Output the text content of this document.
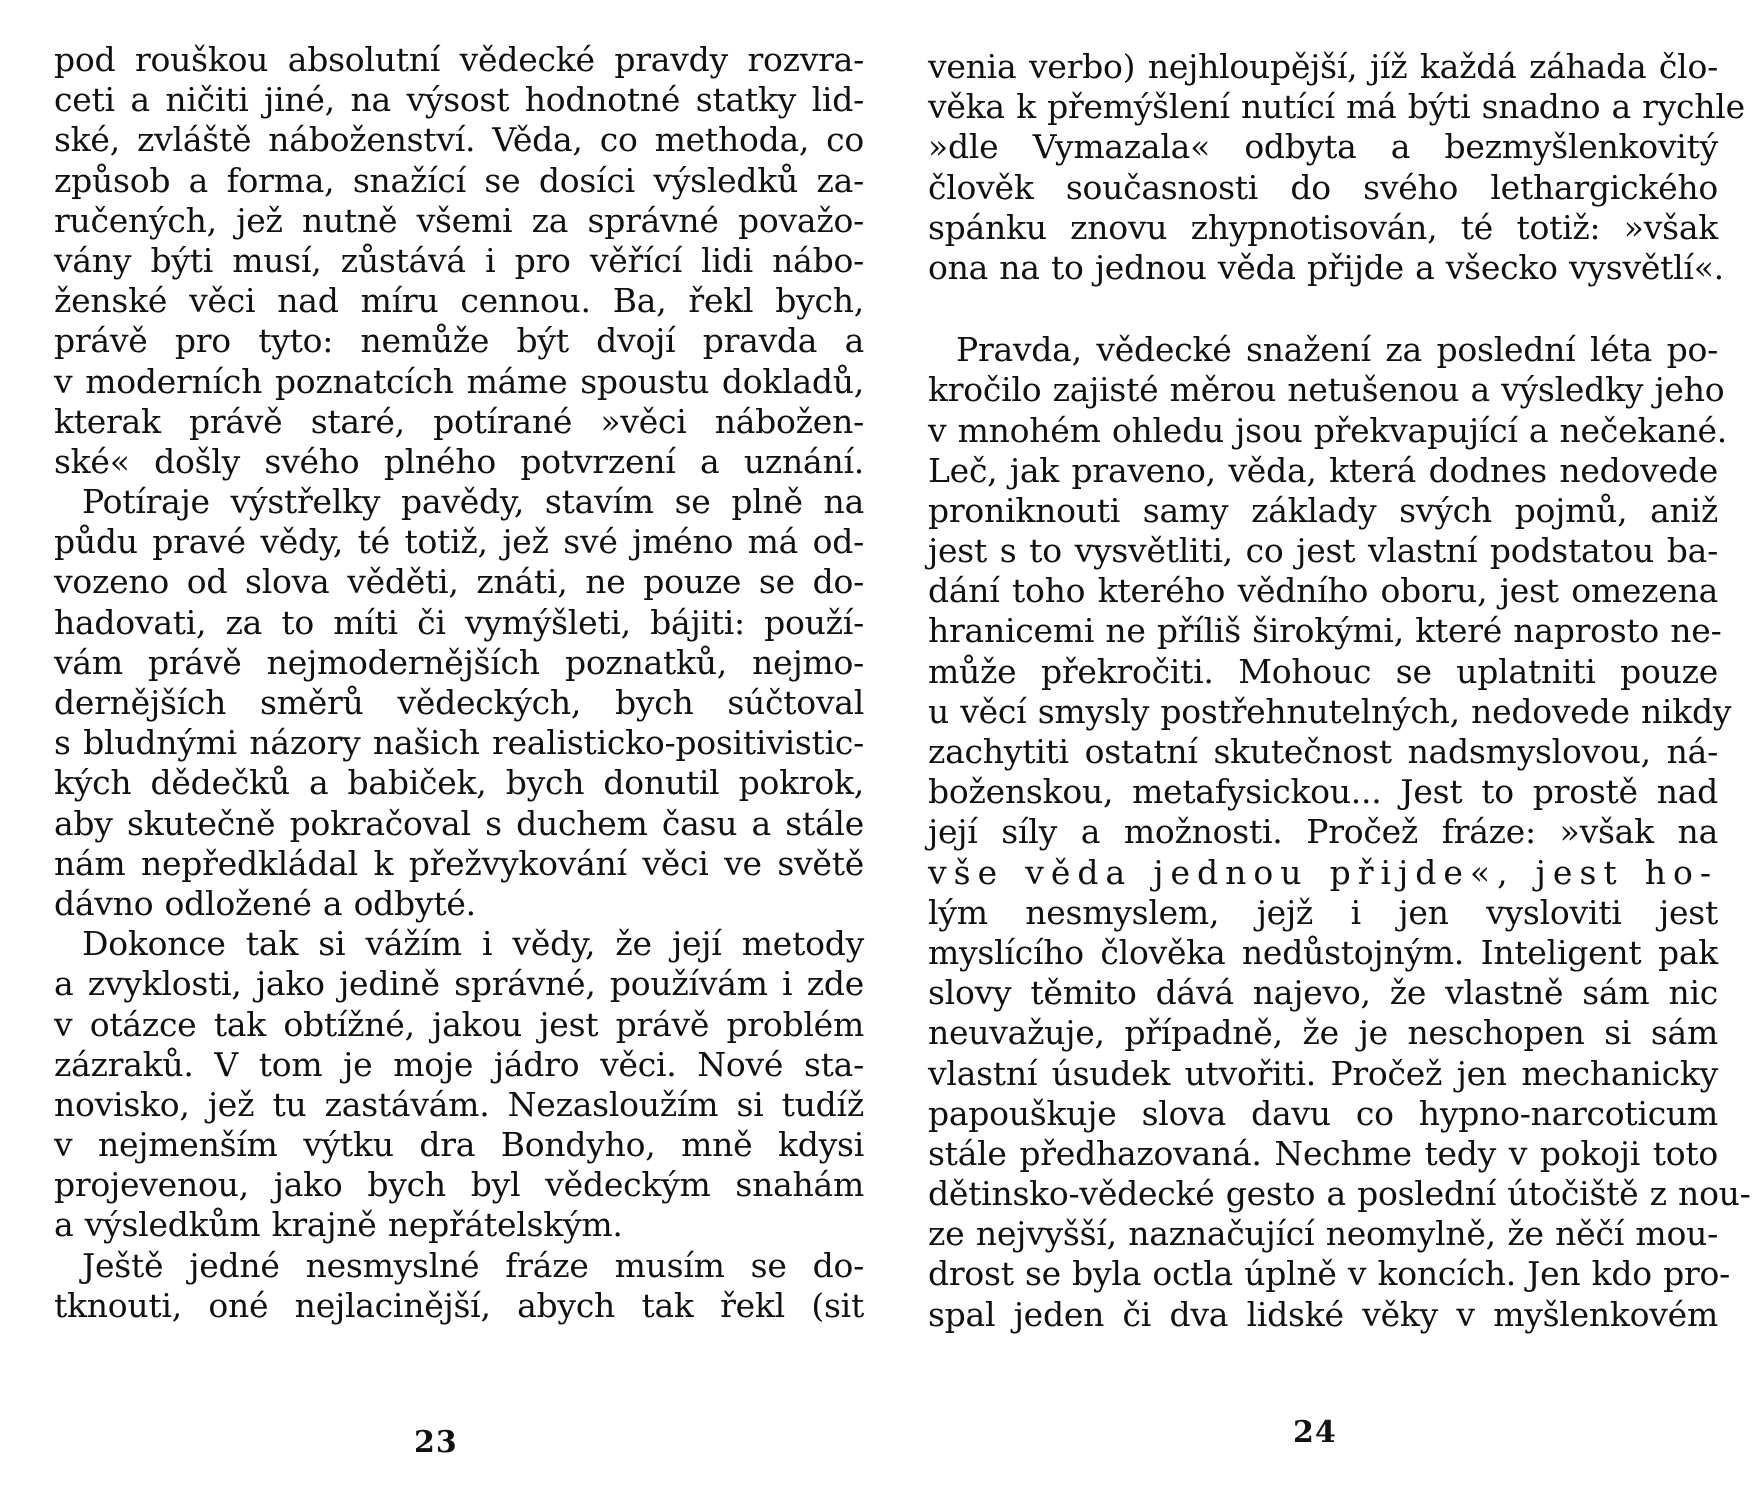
pod rouškou absolutní vědecké pravdy rozvra-
ceti a ničiti jiné, na výsost hodnotné statky lid-
ské, zvláště náboženství. Věda, co methoda, co
způsob a forma, snažící se dosíci výsledků za-
ručených, jež nutně všemi za správné považo-
vány býti musí, zůstává i pro věřící lidi nábo-
ženské věci nad míru cennou. Ba, řekl bych,
právě pro tyto: nemůže být dvojí pravda a
v moderních poznatcích máme spoustu dokladů,
kterak právě staré, potírané »věci nábožen-
ské« došly svého plného potvrzení a uznání.
Potíraje výstřelky pavědy, stavím se plně na
půdu pravé vědy, té totiž, jež své jméno má od-
vozeno od slova věděti, znáti, ne pouze se do-
hadovati, za to míti či vymýšleti, bájiti: použí-
vám právě nejmodernějších poznatků, nejmo-
dernějších směrů vědeckých, bych súčtoval
s bludnými názory našich realisticko-positivistic-
kých dědečků a babiček, bych donutil pokrok,
aby skutečně pokračoval s duchem času a stále
nám nepředkládal k přežvykování věci ve světě
dávno odložené a odbyté.
Dokonce tak si vážím i vědy, že její metody
a zvyklosti, jako jedině správné, používám i zde
v otázce tak obtížné, jakou jest právě problém
zázraků. V tom je moje jádro věci. Nové sta-
novisko, jež tu zastávám. Nezasloužím si tudíž
v nejmenším výtku dra Bondyho, mně kdysi
projevenou, jako bych byl vědeckým snahám
a výsledkům krajně nepřátelským.
Ještě jedné nesmyslné fráze musím se do-
tknouti, oné nejlacinější, abych tak řekl (sit
venia verbo) nejhloupější, jíž každá záhada člo-
věka k přemýšlení nutící má býti snadno a rychle
»dle Vymazala« odbyta a bezmyšlenkovitý
člověk současnosti do svého lethargického
spánku znovu zhypnotisován, té totiž: »však
ona na to jednou věda přijde a všecko vysvětlí«.
Pravda, vědecké snažení za poslední léta po-
kročilo zajisté měrou netušenou a výsledky jeho
v mnohém ohledu jsou překvapující a nečekané.
Leč, jak praveno, věda, která dodnes nedovede
proniknouti samy základy svých pojmů, aniž
jest s to vysvětliti, co jest vlastní podstatou ba-
dání toho kterého vědního oboru, jest omezena
hranicemi ne příliš širokými, které naprosto ne-
může překročiti. Mohouc se uplatniti pouze
u věcí smysly postřehnutelných, nedovede nikdy
zachytiti ostatní skutečnost nadsmyslovou, ná-
boženskou, metafysickou... Jest to prostě nad
její síly a možnosti. Pročež fráze: »však na
vše věda jednou přijde«, jest ho-
lým nesmyslem, jejž i jen vysloviti jest
myslícího člověka nedůstojným. Inteligent pak
slovy těmito dává najevo, že vlastně sám nic
neuvažuje, případně, že je neschopen si sám
vlastní úsudek utvořiti. Pročež jen mechanicky
papouškuje slova davu co hypno-narcoticum
stále předhazovaná. Nechme tedy v pokoji toto
dětinsko-vědecké gesto a poslední útočiště z nou-
ze nejvyšší, naznačující neomylně, že něčí mou-
drost se byla octla úplně v koncích. Jen kdo pro-
spal jeden či dva lidské věky v myšlenkovém
23	24
